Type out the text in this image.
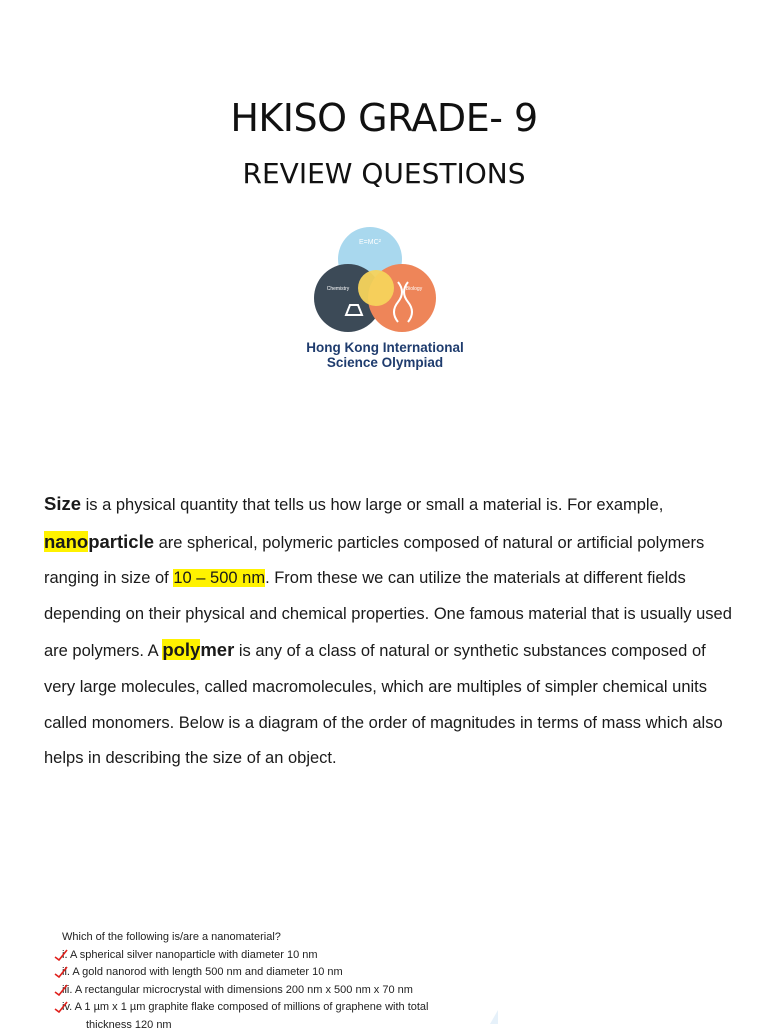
HKISO GRADE- 9
REVIEW QUESTIONS
E=MC²
Chemistry	Biology
Hong Kong International
Science Olympiad
Size is a physical quantity that tells us how large or small a material is. For example, nanoparticle are spherical, polymeric particles composed of natural or artificial polymers ranging in size of 10 – 500 nm. From these we can utilize the materials at different fields depending on their physical and chemical properties. One famous material that is usually used are polymers. A polymer is any of a class of natural or synthetic substances composed of very large molecules, called macromolecules, which are multiples of simpler chemical units called monomers. Below is a diagram of the order of magnitudes in terms of mass which also helps in describing the size of an object.
Which of the following is/are a nanomaterial?
i. A spherical silver nanoparticle with diameter 10 nm
ii. A gold nanorod with length 500 nm and diameter 10 nm
iii. A rectangular microcrystal with dimensions 200 nm x 500 nm x 70 nm
iv. A 1 µm x 1 µm graphite flake composed of millions of graphene with total
thickness 120 nm
